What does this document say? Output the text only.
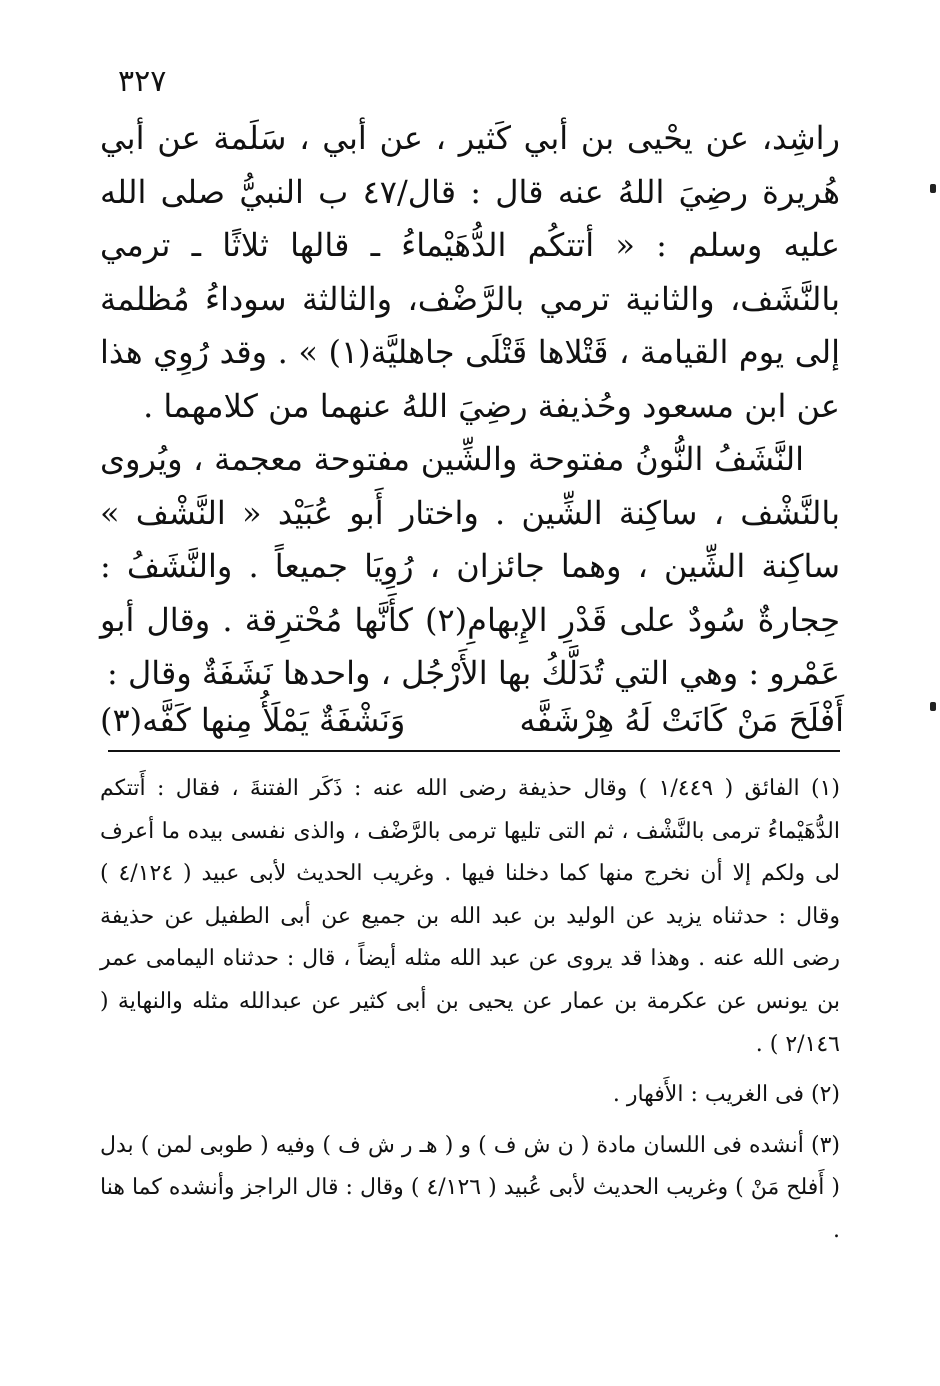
٣٢٧

راشِد، عن يحْيى بن أبي كَثير ، عن أبي ، سَلَمة عن أبي هُريرة رضِيَ اللهُ عنه قال : قال/٤٧ ب النبيُّ صلى الله عليه وسلم : « أتتكُم الدُّهَيْماءُ ـ قالها ثلاثًا ـ ترمي بالنَّشَف، والثانية ترمي بالرَّضْف، والثالثة سوداءُ مُظلمة إلى يوم القيامة ، قَتْلاها قَتْلَى جاهليَّة(١) » . وقد رُوِي هذا عن ابن مسعود وحُذيفة رضِيَ اللهُ عنهما من كلامهما .

النَّشَفُ النُّونُ مفتوحة والشِّين مفتوحة معجمة ، ويُروى بالنَّشْف ، ساكِنة الشِّين . واختار أَبو عُبَيْد « النَّشْف » ساكِنة الشِّين ، وهما جائزان ، رُوِيَا جميعاً . والنَّشَفُ : حِجارةٌ سُودٌ على قَدْرِ الإِبهامِ(٢) كأَنَّها مُحْترِقة . وقال أبو عَمْرو : وهي التي تُدَلَّكُ بها الأَرْجُل ، واحدها نَشَفَةٌ وقال :

أَفْلَحَ مَنْ كَانَتْ لَهُ هِرْشَفَّه
وَنَشْفَةٌ يَمْلَأُ مِنها كَفَّه(٣)

(١) الفائق ( ١/٤٤٩ ) وقال حذيفة رضى الله عنه : ذَكَر الفتنةَ ، فقال : أَتتكم الدُّهَيْماءُ ترمى بالنَّشْف ، ثم التى تليها ترمى بالرَّضْف ، والذى نفسى بيده ما أعرف لى ولكم إلا أن نخرج منها كما دخلنا فيها . وغريب الحديث لأبى عبيد ( ٤/١٢٤ ) وقال : حدثناه يزيد عن الوليد بن عبد الله بن جميع عن أبى الطفيل عن حذيفة رضى الله عنه . وهذا قد يروى عن عبد الله مثله أيضاً ، قال : حدثناه اليمامى عمر بن يونس عن عكرمة بن عمار عن يحيى بن أبى كثير عن عبدالله مثله والنهاية ( ٢/١٤٦ ) .

(٢) فى الغريب : الأَفهار .

(٣) أنشده فى اللسان مادة ( ن ش ف ) و ( هـ ر ش ف ) وفيه ( طوبى لمن ) بدل ( أَفلح مَنْ ) وغريب الحديث لأبى عُبيد ( ٤/١٢٦ ) وقال : قال الراجز وأنشده كما هنا .
